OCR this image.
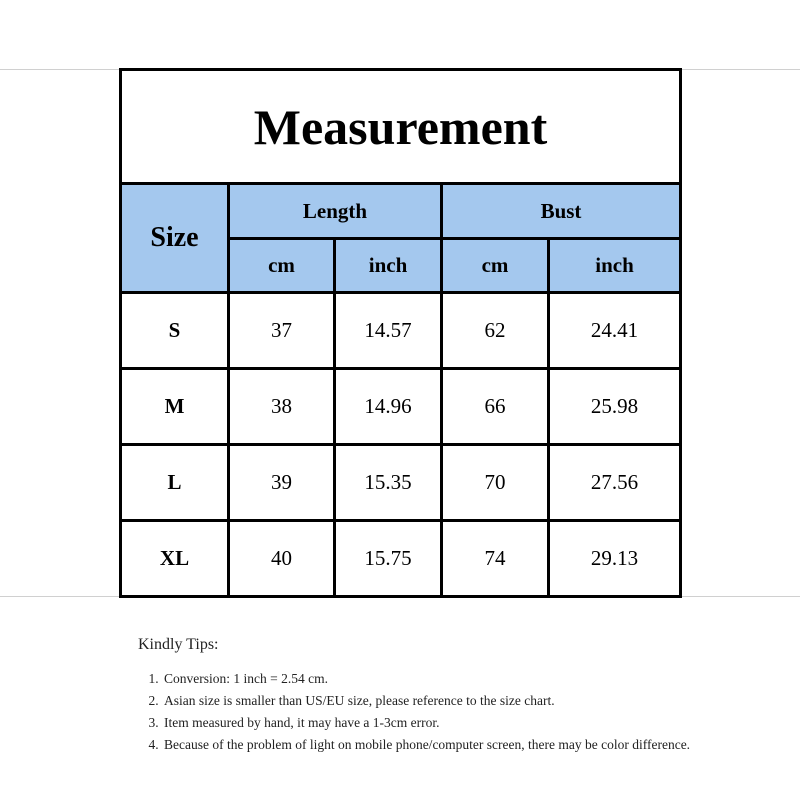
Measurement				
Size	Length		Bust	
	cm	inch	cm	inch
S	37	14.57	62	24.41
M	38	14.96	66	25.98
L	39	15.35	70	27.56
XL	40	15.75	74	29.13
Kindly Tips:
1. Conversion: 1 inch = 2.54 cm.
2. Asian size is smaller than US/EU size, please reference to the size chart.
3. Item measured by hand, it may have a 1-3cm error.
4. Because of the problem of light on mobile phone/computer screen, there may be color difference.
